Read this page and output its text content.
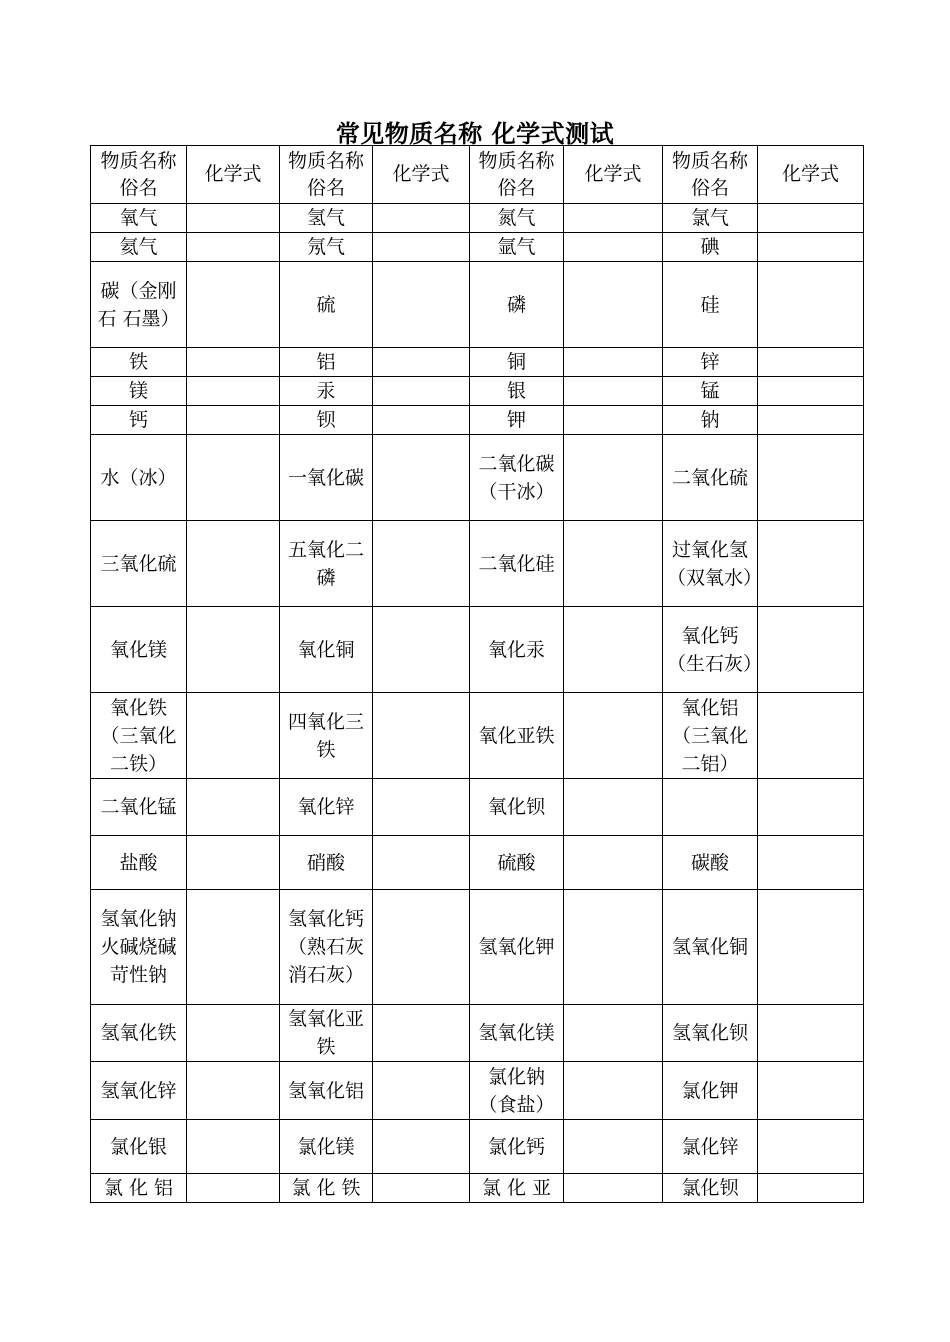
常见物质名称 化学式测试
物质名称 俗名	化学式	物质名称 俗名	化学式	物质名称俗名	化学式	物质名称俗名	化学式

氧气		氢气		氮气		氯气	

氦气		氖气		氩气		碘	

碳（金刚石 石墨）		硫		磷		硅	

铁		铝		铜		锌	

镁		汞		银		锰	

钙		钡		钾		钠	

水（冰）		一氧化碳		二氧化碳（干冰）		二氧化硫	

三氧化硫		五氧化二磷		二氧化硅		过氧化氢（双氧水）	

氧化镁		氧化铜		氧化汞		氧化钙（生石灰）	

氧化铁（三氧化二铁）		四氧化三铁		氧化亚铁		氧化铝（三氧化二铝）	

二氧化锰		氧化锌		氧化钡			

盐酸		硝酸		硫酸		碳酸	

氢氧化钠火碱烧碱苛性钠		氢氧化钙（熟石灰 消石灰）		氢氧化钾		氢氧化铜	

氢氧化铁		氢氧化亚铁		氢氧化镁		氢氧化钡	

氢氧化锌		氢氧化铝		氯化钠（食盐）		氯化钾	

氯化银		氯化镁		氯化钙		氯化锌	

氯 化 铝		氯 化 铁		氯 化 亚		氯化钡	
